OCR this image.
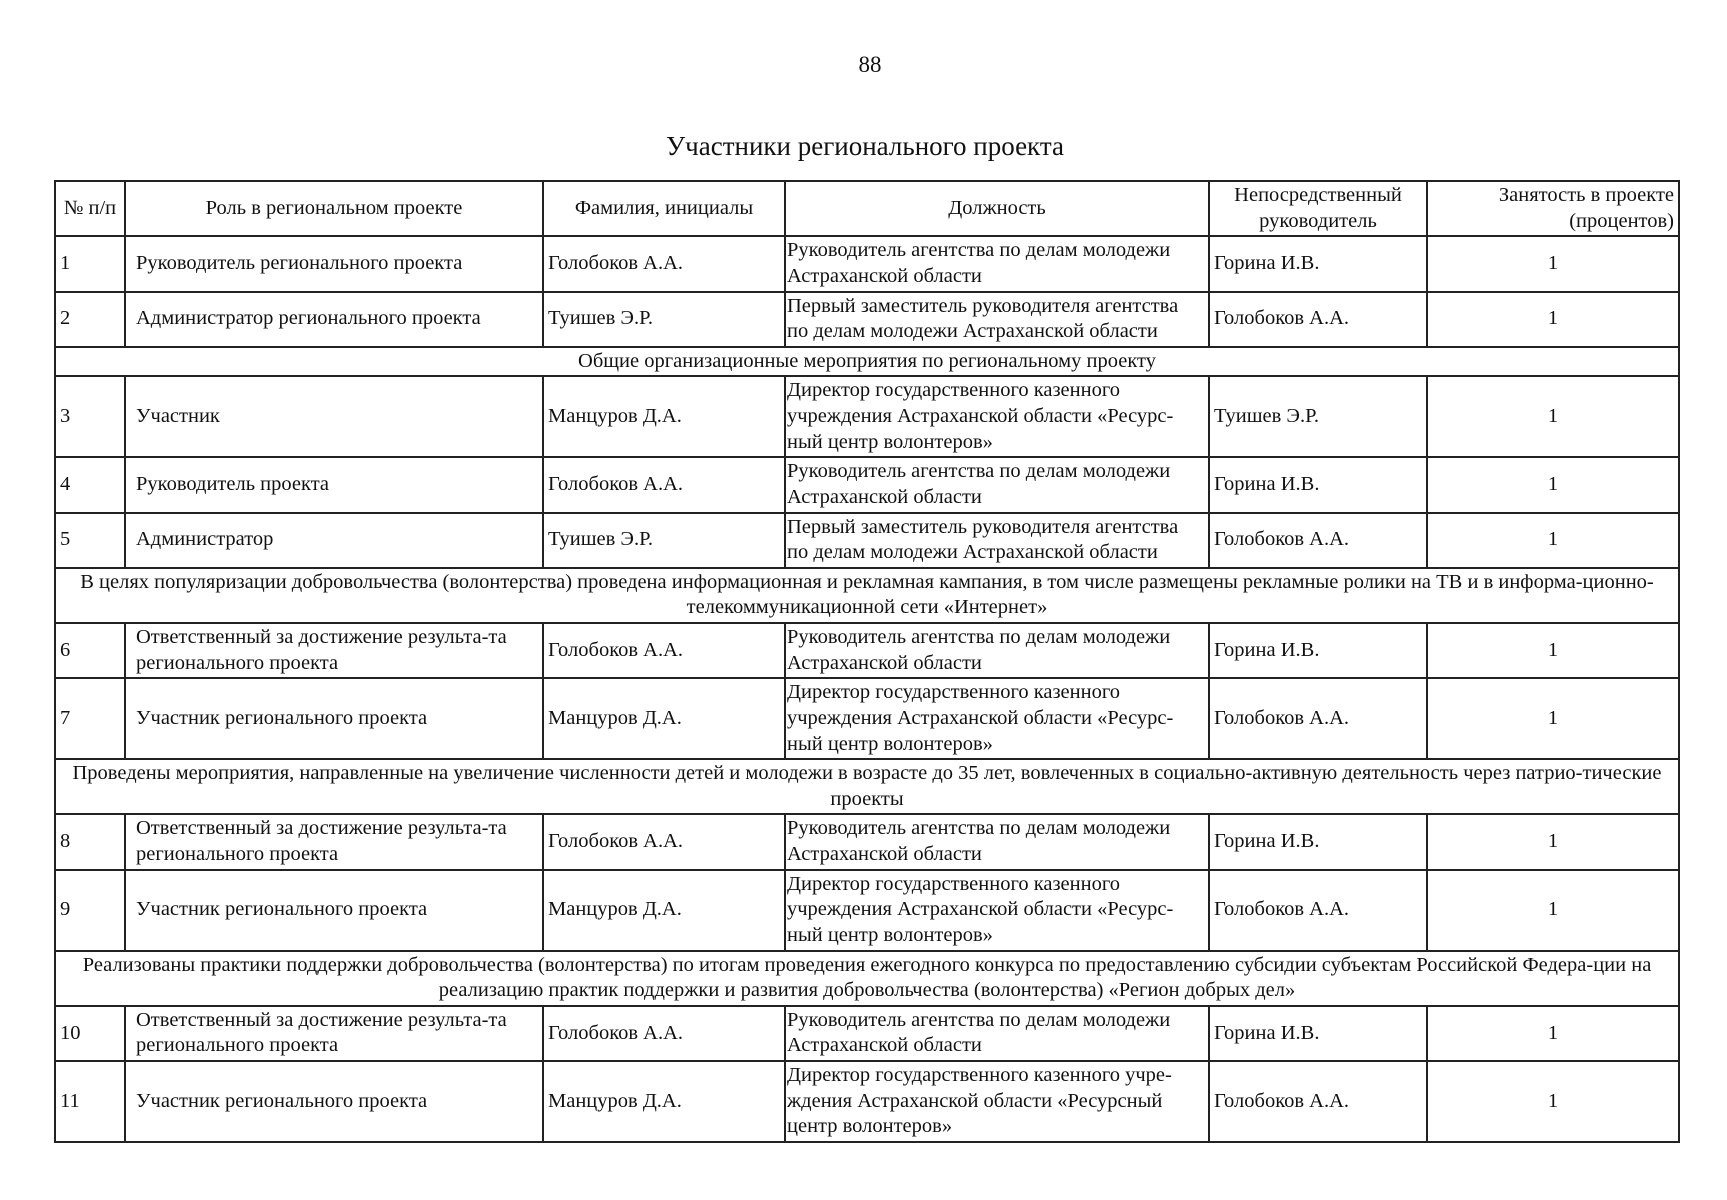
88
Участники регионального проекта
№ п/п	Роль в региональном проекте	Фамилия, инициалы	Должность	Непосредственный руководитель	Занятость в проекте (процентов)
1	Руководитель регионального проекта	Голобоков А.А.	Руководитель агентства по делам молодежи Астраханской области	Горина И.В.	1
2	Администратор регионального проекта	Туишев Э.Р.	Первый заместитель руководителя агентства по делам молодежи Астраханской области	Голобоков А.А.	1
Общие организационные мероприятия по региональному проекту					
3	Участник	Манцуров Д.А.	Директор государственного казенного учреждения Астраханской области «Ресурс-ный центр волонтеров»	Туишев Э.Р.	1
4	Руководитель проекта	Голобоков А.А.	Руководитель агентства по делам молодежи Астраханской области	Горина И.В.	1
5	Администратор	Туишев Э.Р.	Первый заместитель руководителя агентства по делам молодежи Астраханской области	Голобоков А.А.	1
В целях популяризации добровольчества (волонтерства) проведена информационная и рекламная кампания, в том числе размещены рекламные ролики на ТВ и в информа-ционно-телекоммуникационной сети «Интернет»					
6	Ответственный за достижение результа-та регионального проекта	Голобоков А.А.	Руководитель агентства по делам молодежи Астраханской области	Горина И.В.	1
7	Участник регионального проекта	Манцуров Д.А.	Директор государственного казенного учреждения Астраханской области «Ресурс-ный центр волонтеров»	Голобоков А.А.	1
Проведены мероприятия, направленные на увеличение численности детей и молодежи в возрасте до 35 лет, вовлеченных в социально-активную деятельность через патрио-тические проекты					
8	Ответственный за достижение результа-та регионального проекта	Голобоков А.А.	Руководитель агентства по делам молодежи Астраханской области	Горина И.В.	1
9	Участник регионального проекта	Манцуров Д.А.	Директор государственного казенного учреждения Астраханской области «Ресурс-ный центр волонтеров»	Голобоков А.А.	1
Реализованы практики поддержки добровольчества (волонтерства) по итогам проведения ежегодного конкурса по предоставлению субсидии субъектам Российской Федера-ции на реализацию практик поддержки и развития добровольчества (волонтерства) «Регион добрых дел»					
10	Ответственный за достижение результа-та регионального проекта	Голобоков А.А.	Руководитель агентства по делам молодежи Астраханской области	Горина И.В.	1
11	Участник регионального проекта	Манцуров Д.А.	Директор государственного казенного учре-ждения Астраханской области «Ресурсный центр волонтеров»	Голобоков А.А.	1
